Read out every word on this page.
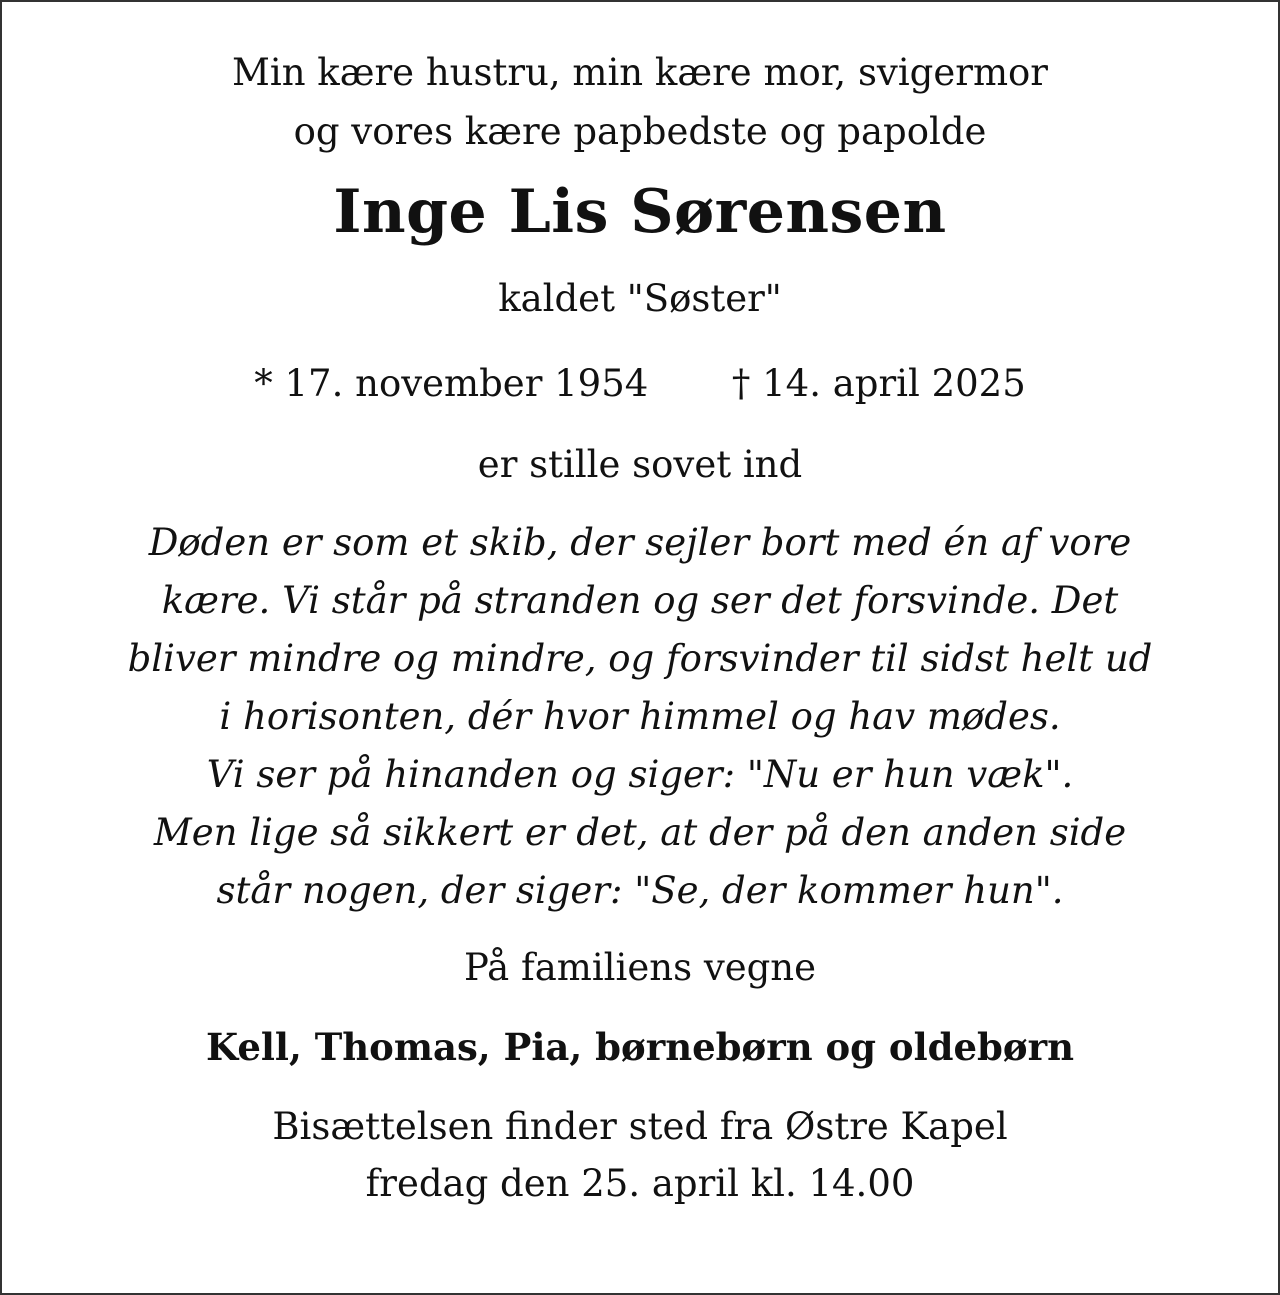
Min kære hustru, min kære mor, svigermor
og vores kære papbedste og papolde
Inge Lis Sørensen
kaldet "Søster"
* 17. november 1954 † 14. april 2025
er stille sovet ind
Døden er som et skib, der sejler bort med én af vore
kære. Vi står på stranden og ser det forsvinde. Det
bliver mindre og mindre, og forsvinder til sidst helt ud
i horisonten, dér hvor himmel og hav mødes.
Vi ser på hinanden og siger: "Nu er hun væk".
Men lige så sikkert er det, at der på den anden side
står nogen, der siger: "Se, der kommer hun".
På familiens vegne
Kell, Thomas, Pia, børnebørn og oldebørn
Bisættelsen finder sted fra Østre Kapel
fredag den 25. april kl. 14.00
